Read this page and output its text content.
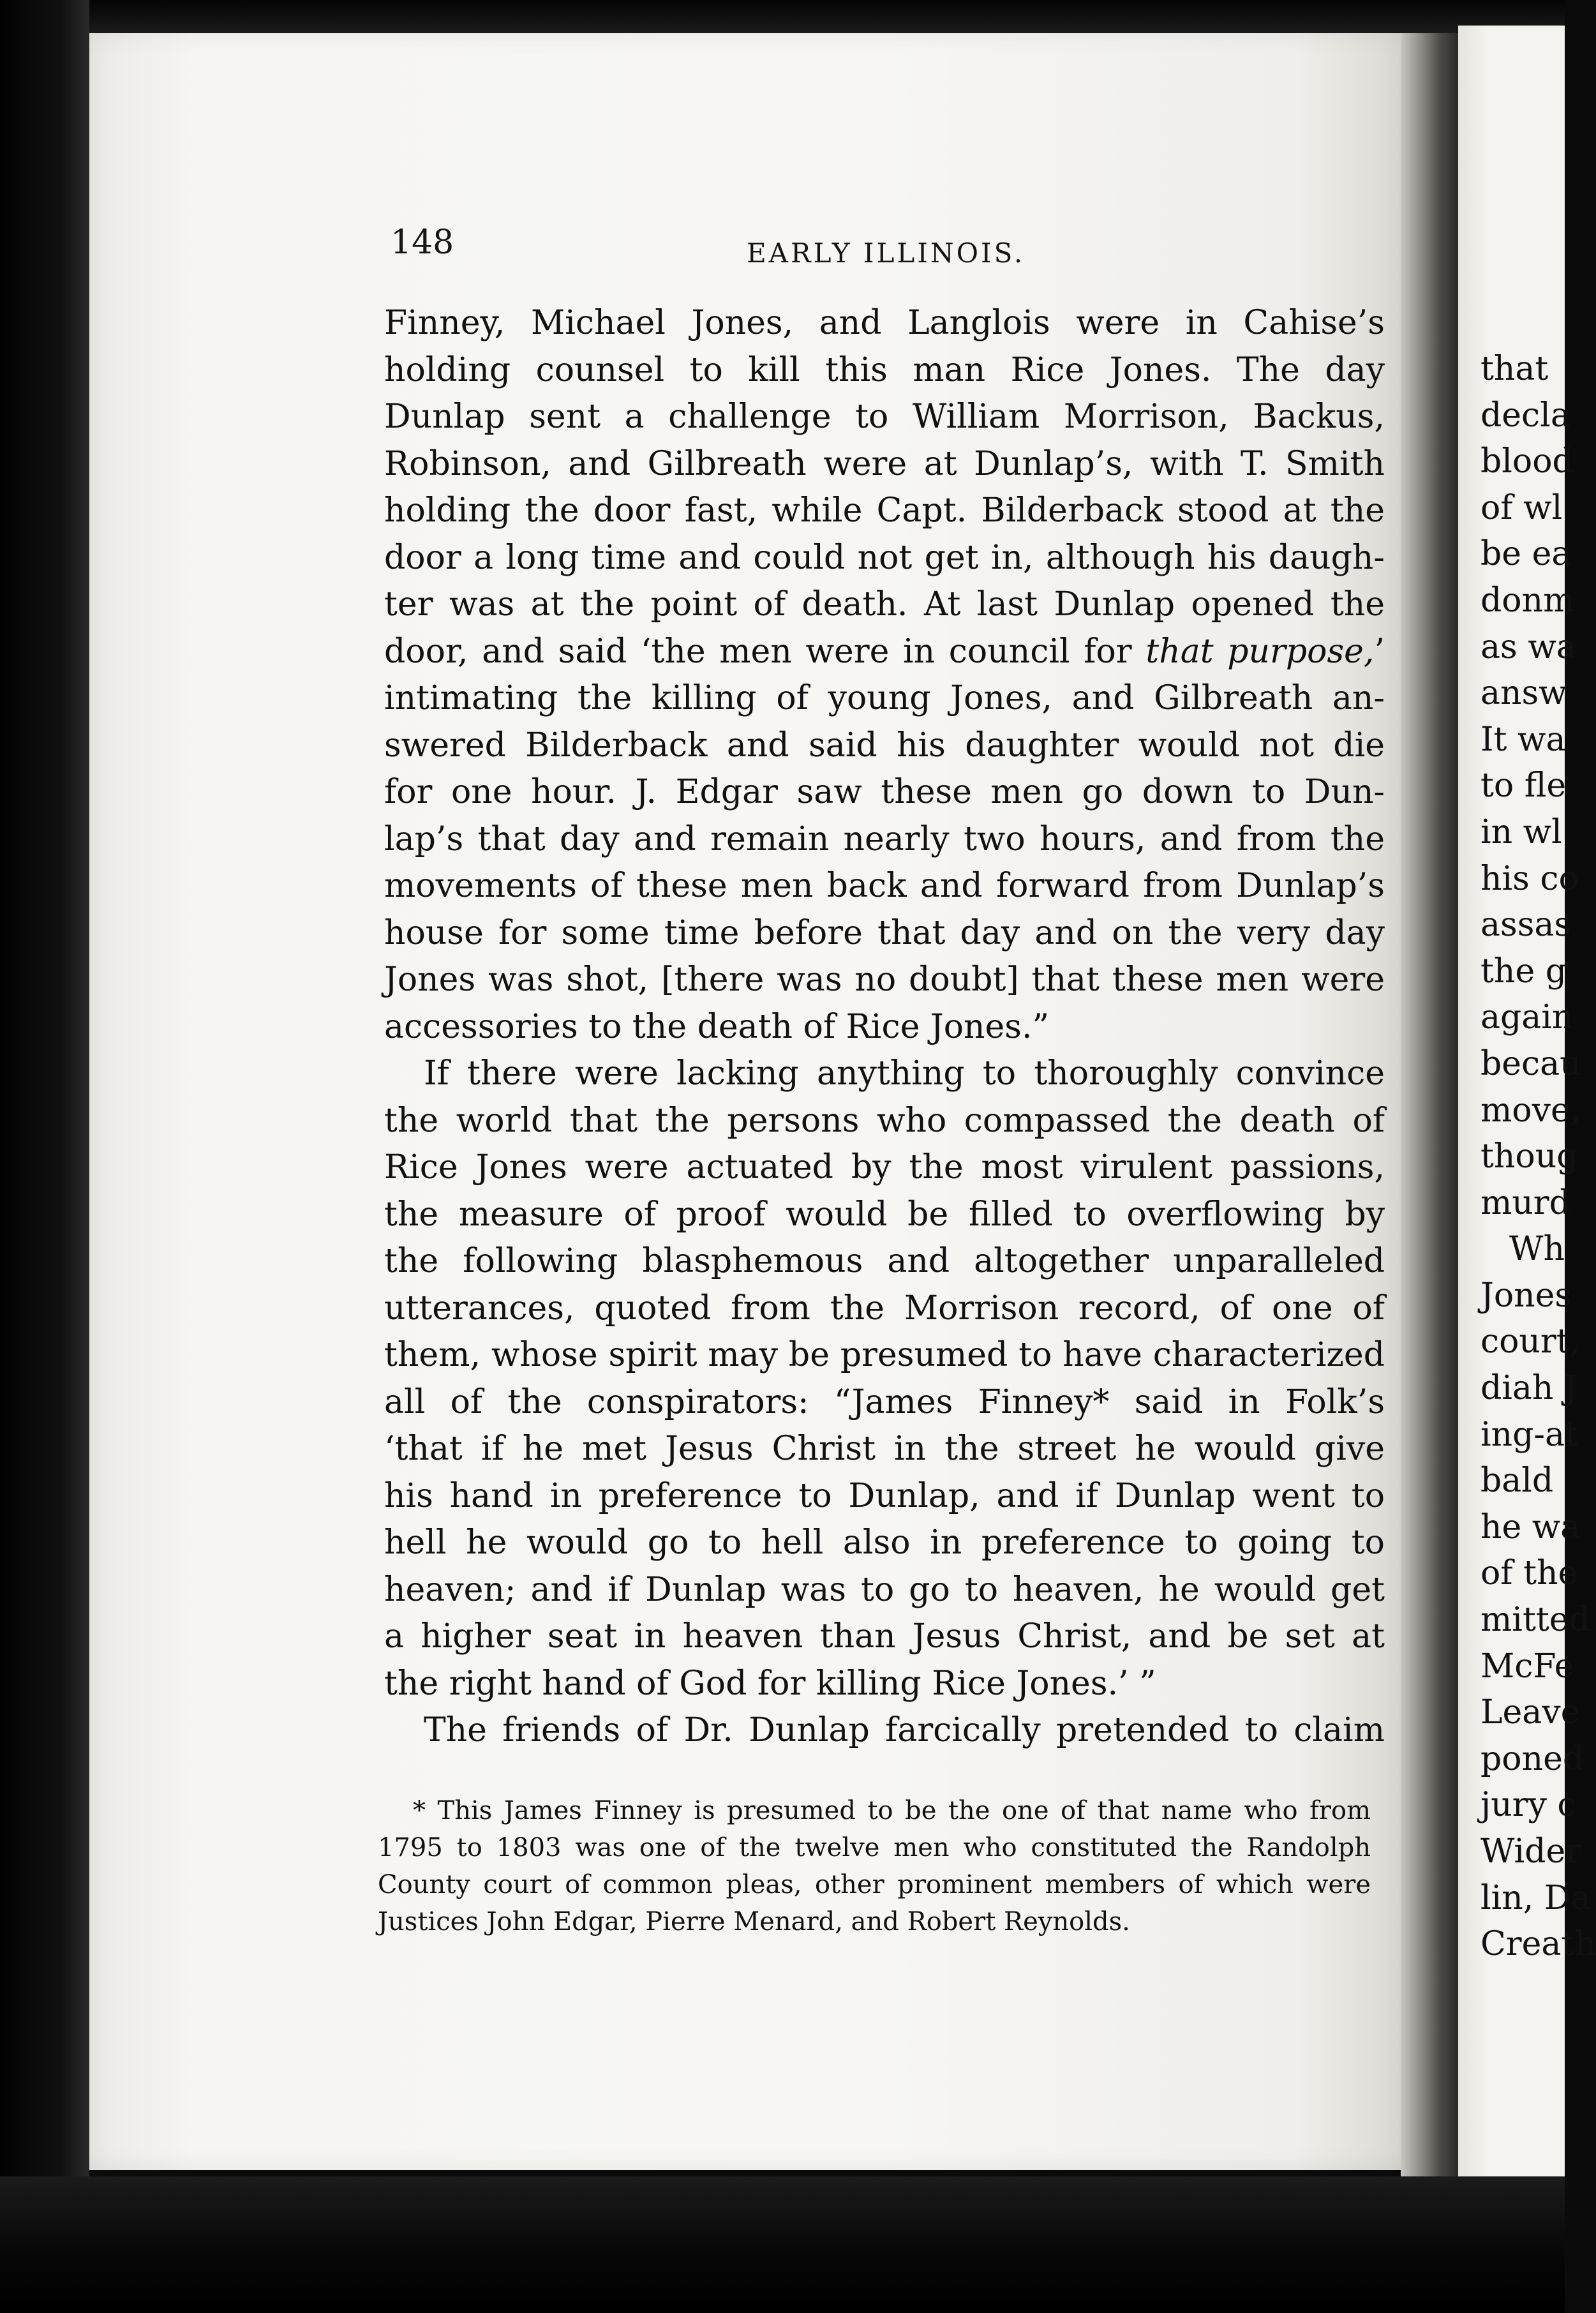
that
decla
blood
of wl
be ea
donm
as wa
answ
It wa
to fle
in wl
his co
assas
the g
again
becau
move,
thoug
murd
Wh
Jones
court,
diah J
ing-at
bald
he wa
of the
mitted
McFe
Leave
poned
jury c
Wider
lin, Da
Creath

148	EARLY ILLINOIS.

Finney, Michael Jones, and Langlois were in Cahise’s
holding counsel to kill this man Rice Jones. The day
Dunlap sent a challenge to William Morrison, Backus,
Robinson, and Gilbreath were at Dunlap’s, with T. Smith
holding the door fast, while Capt. Bilderback stood at the
door a long time and could not get in, although his daugh-
ter was at the point of death. At last Dunlap opened the
door, and said ‘the men were in council for that purpose,’
intimating the killing of young Jones, and Gilbreath an-
swered Bilderback and said his daughter would not die
for one hour. J. Edgar saw these men go down to Dun-
lap’s that day and remain nearly two hours, and from the
movements of these men back and forward from Dunlap’s
house for some time before that day and on the very day
Jones was shot, [there was no doubt] that these men were
accessories to the death of Rice Jones.”
If there were lacking anything to thoroughly convince
the world that the persons who compassed the death of
Rice Jones were actuated by the most virulent passions,
the measure of proof would be filled to overflowing by
the following blasphemous and altogether unparalleled
utterances, quoted from the Morrison record, of one of
them, whose spirit may be presumed to have characterized
all of the conspirators: “James Finney* said in Folk’s
‘that if he met Jesus Christ in the street he would give
his hand in preference to Dunlap, and if Dunlap went to
hell he would go to hell also in preference to going to
heaven; and if Dunlap was to go to heaven, he would get
a higher seat in heaven than Jesus Christ, and be set at
the right hand of God for killing Rice Jones.’ ”
The friends of Dr. Dunlap farcically pretended to claim
* This James Finney is presumed to be the one of that name who from
1795 to 1803 was one of the twelve men who constituted the Randolph
County court of common pleas, other prominent members of which were
Justices John Edgar, Pierre Menard, and Robert Reynolds.
